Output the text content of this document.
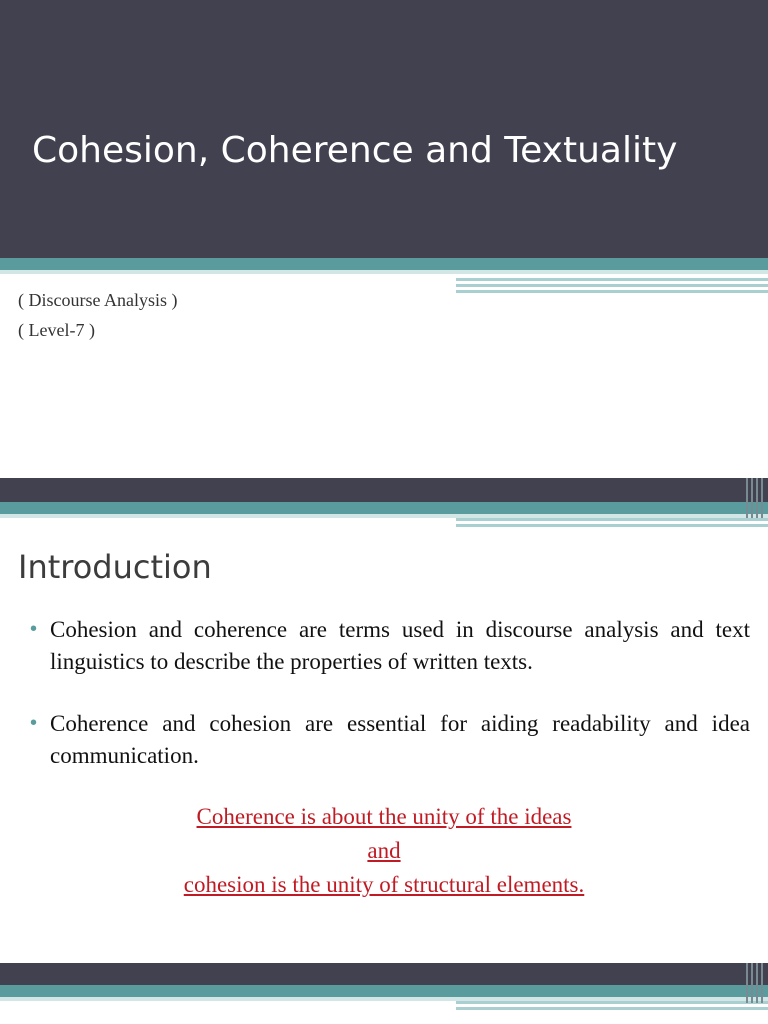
Cohesion, Coherence and Textuality
( Discourse Analysis )
( Level-7 )
Introduction
• Cohesion and coherence are terms used in discourse analysis and text linguistics to describe the properties of written texts.
• Coherence and cohesion are essential for aiding readability and idea communication.
Coherence is about the unity of the ideas
and
cohesion is the unity of structural elements.
